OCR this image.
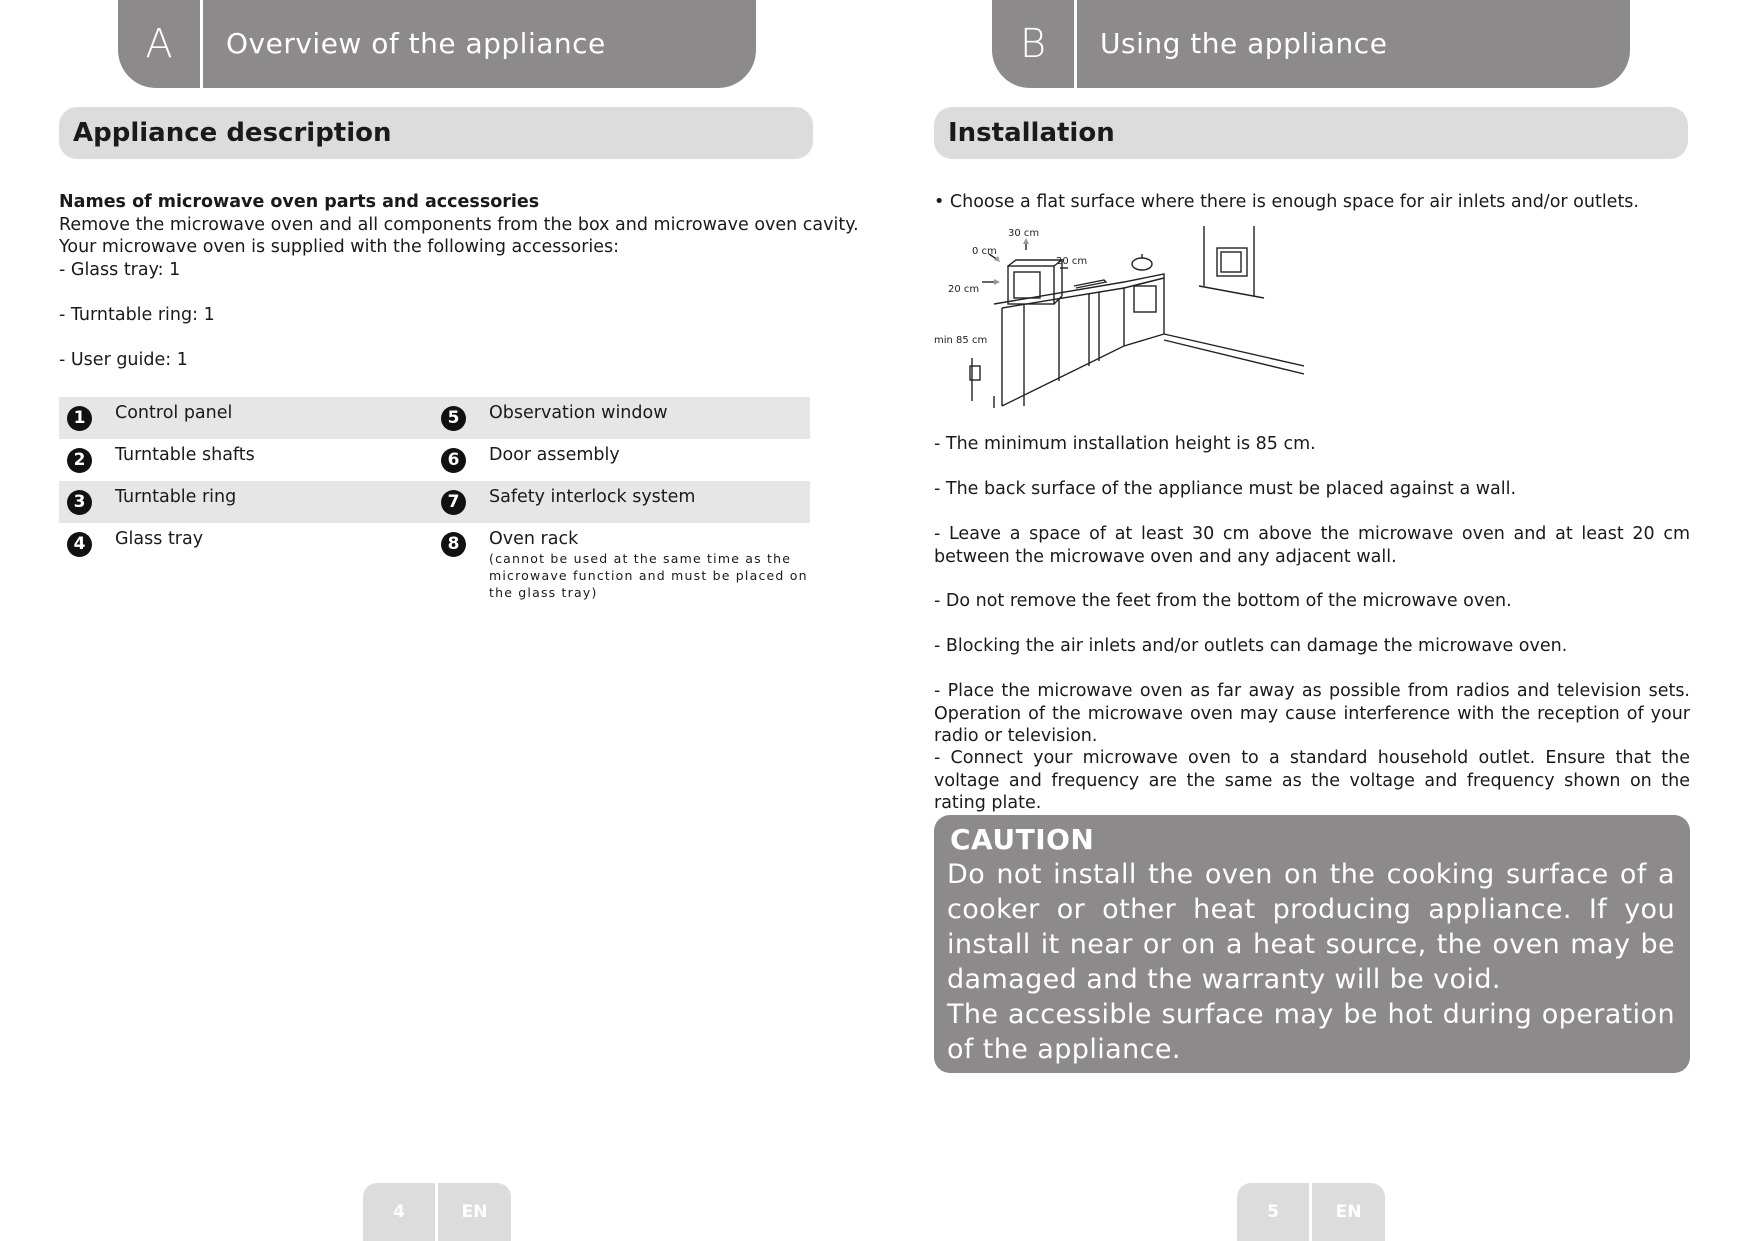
A	Overview of the appliance
Appliance description
Names of microwave oven parts and accessories
Remove the microwave oven and all components from the box and microwave oven cavity.
Your microwave oven is supplied with the following accessories:
- Glass tray: 1
- Turntable ring: 1
- User guide: 1
1	Control panel	5	Observation window
2	Turntable shafts	6	Door assembly
3	Turntable ring	7	Safety interlock system
4	Glass tray	8	Oven rack
(cannot be used at the same time as the microwave function and must be placed on the glass tray)
4	EN
B	Using the appliance
Installation
• Choose a flat surface where there is enough space for air inlets and/or outlets.
0 cm
30 cm
20 cm
20 cm
min 85 cm
- The minimum installation height is 85 cm.
- The back surface of the appliance must be placed against a wall.
- Leave a space of at least 30 cm above the microwave oven and at least 20 cm between the microwave oven and any adjacent wall.
- Do not remove the feet from the bottom of the microwave oven.
- Blocking the air inlets and/or outlets can damage the microwave oven.
- Place the microwave oven as far away as possible from radios and television sets. Operation of the microwave oven may cause interference with the reception of your radio or television.
- Connect your microwave oven to a standard household outlet. Ensure that the voltage and frequency are the same as the voltage and frequency shown on the rating plate.
CAUTION
Do not install the oven on the cooking surface of a cooker or other heat producing appliance. If you install it near or on a heat source, the oven may be damaged and the warranty will be void.
The accessible surface may be hot during operation of the appliance.
5	EN
